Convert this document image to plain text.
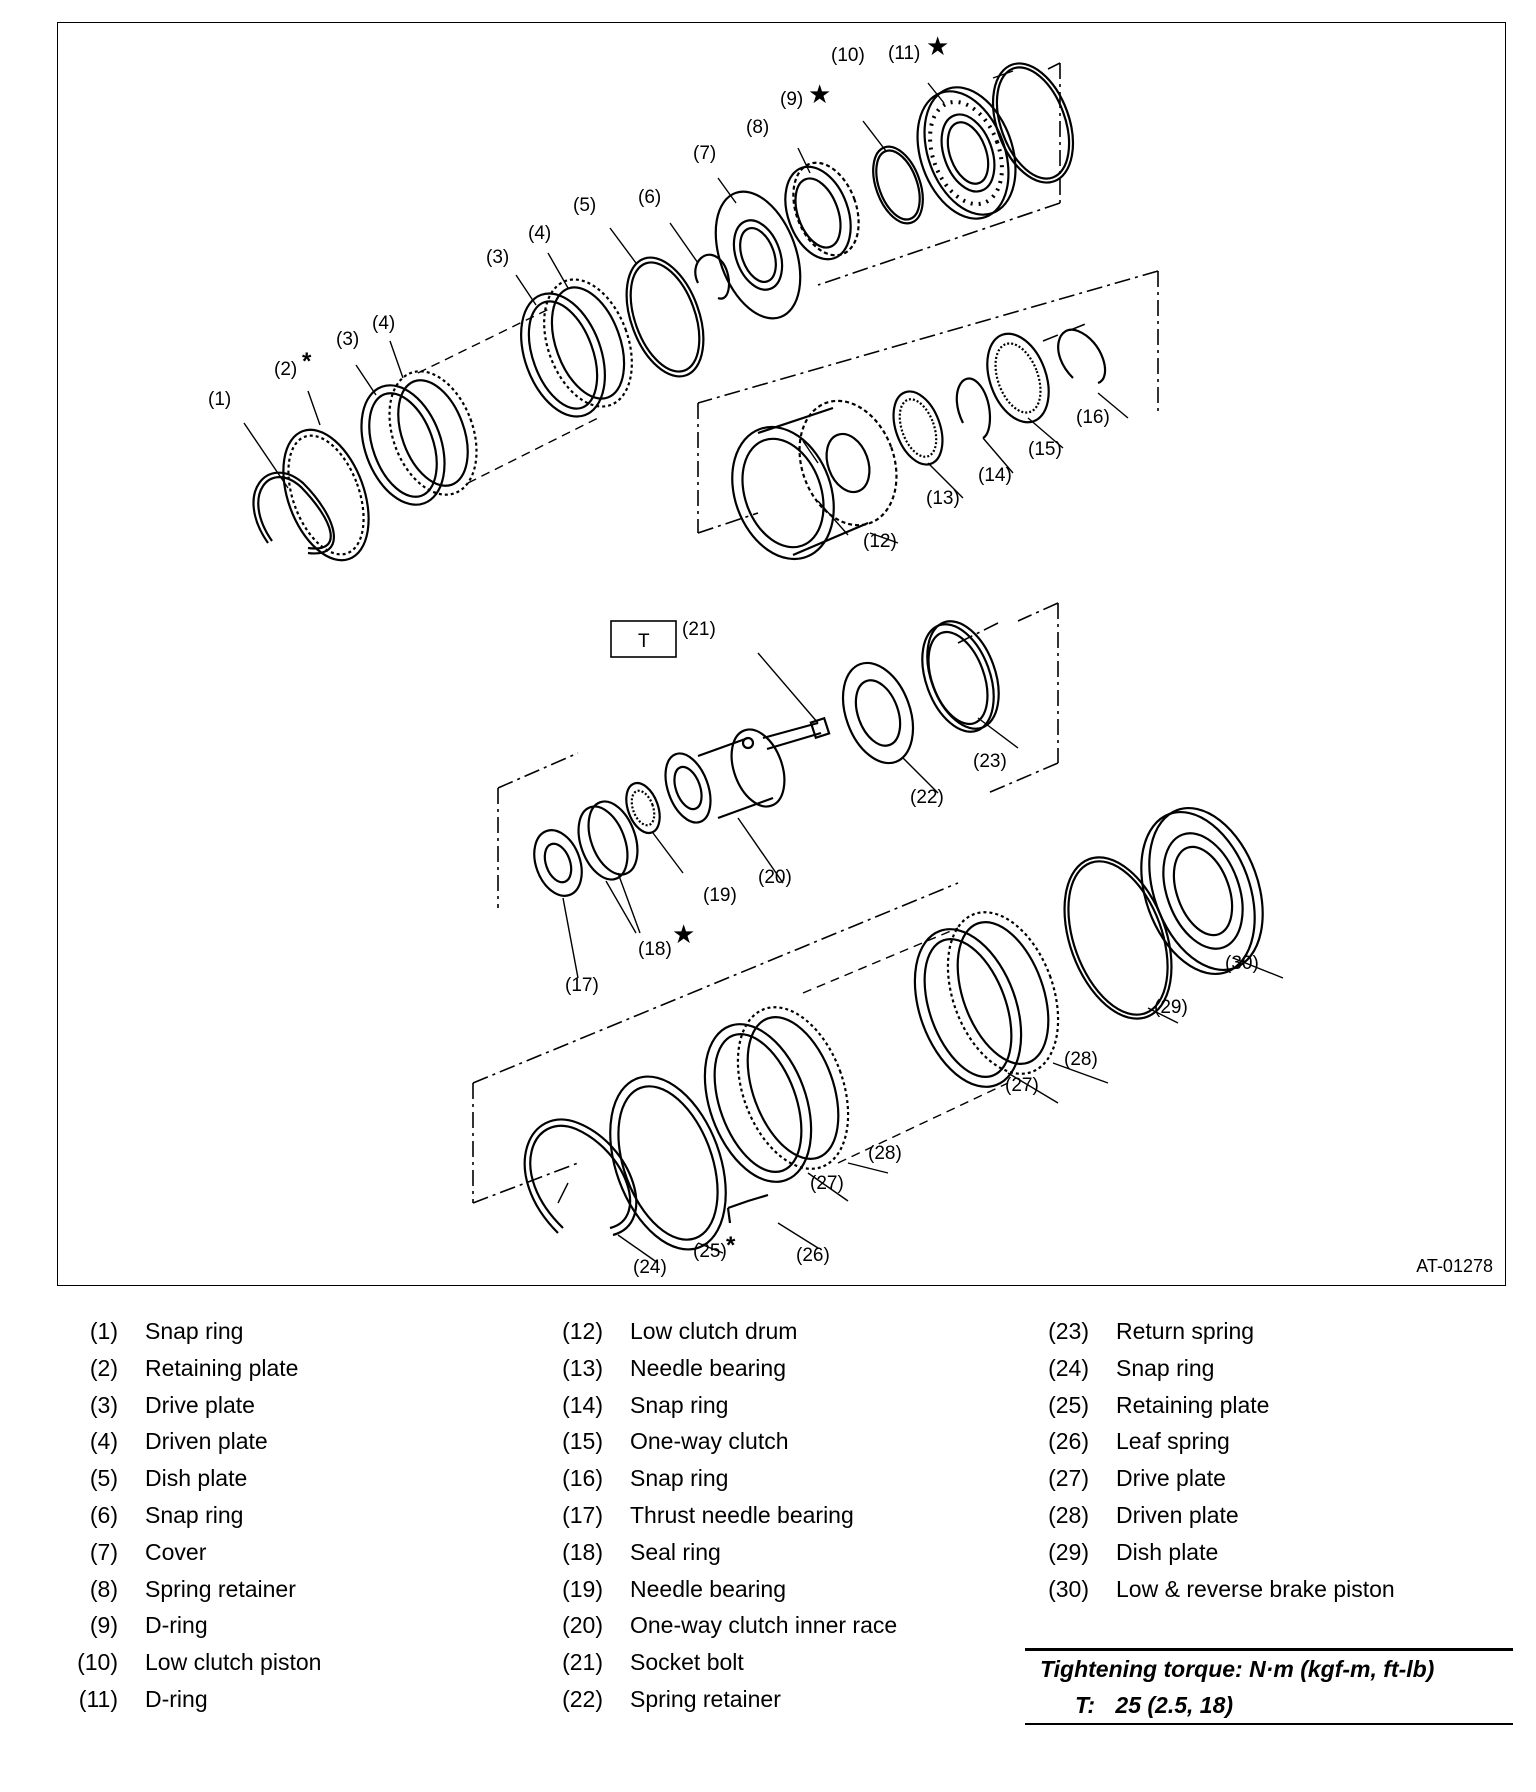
(1)
(2) *
(3)
(4)
(3)
(4)
(5) (6)
(7)
(8)
(9) ★
(10) (11) ★
(12)
(13)
(14)
(15)
(16)
(17)
(18)
★
(19)
(20)
(21)
(22)
(23)
(24)
(25) *	(26)
(27)
(28)
(27)
(28)
(29)
(30)
T
AT-01278
(1) Snap ring
(2) Retaining plate
(3) Drive plate
(4) Driven plate
(5) Dish plate
(6) Snap ring
(7) Cover
(8) Spring retainer
(9) D-ring
(10) Low clutch piston
(11) D-ring
(12) Low clutch drum
(13) Needle bearing
(14) Snap ring
(15) One-way clutch
(16) Snap ring
(17) Thrust needle bearing
(18) Seal ring
(19) Needle bearing
(20) One-way clutch inner race
(21) Socket bolt
(22) Spring retainer
(23) Return spring
(24) Snap ring
(25) Retaining plate
(26) Leaf spring
(27) Drive plate
(28) Driven plate
(29) Dish plate
(30) Low & reverse brake piston
Tightening torque: N·m (kgf-m, ft-lb)
T: 25 (2.5, 18)
